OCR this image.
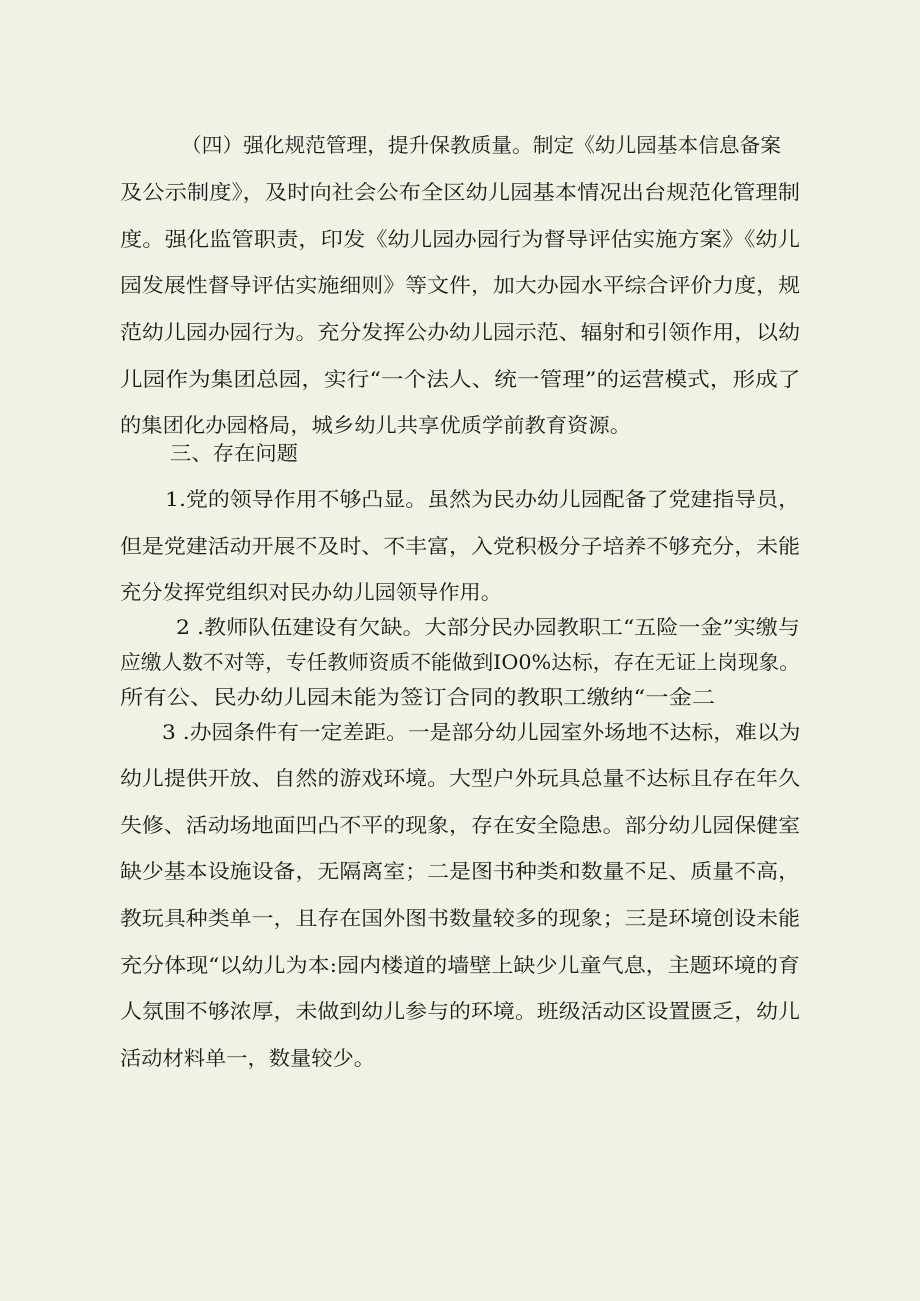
（四）强化规范管理，提升保教质量。制定《幼儿园基本信息备案

及公示制度》，及时向社会公布全区幼儿园基本情况出台规范化管理制

度。强化监管职责，印发《幼儿园办园行为督导评估实施方案》《幼儿

园发展性督导评估实施细则》等文件，加大办园水平综合评价力度，规

范幼儿园办园行为。充分发挥公办幼儿园示范、辐射和引领作用，以幼

儿园作为集团总园，实行“一个法人、统一管理”的运营模式，形成了

的集团化办园格局，城乡幼儿共享优质学前教育资源。

三、存在问题

1.党的领导作用不够凸显。虽然为民办幼儿园配备了党建指导员，

但是党建活动开展不及时、不丰富，入党积极分子培养不够充分，未能

充分发挥党组织对民办幼儿园领导作用。

2 .教师队伍建设有欠缺。大部分民办园教职工“五险一金”实缴与

应缴人数不对等，专任教师资质不能做到IO0%达标，存在无证上岗现象。

所有公、民办幼儿园未能为签订合同的教职工缴纳“一金二

3 .办园条件有一定差距。一是部分幼儿园室外场地不达标，难以为

幼儿提供开放、自然的游戏环境。大型户外玩具总量不达标且存在年久

失修、活动场地面凹凸不平的现象，存在安全隐患。部分幼儿园保健室

缺少基本设施设备，无隔离室；二是图书种类和数量不足、质量不高，

教玩具种类单一，且存在国外图书数量较多的现象；三是环境创设未能

充分体现“以幼儿为本:园内楼道的墙壁上缺少儿童气息，主题环境的育

人氛围不够浓厚，未做到幼儿参与的环境。班级活动区设置匮乏，幼儿

活动材料单一，数量较少。
